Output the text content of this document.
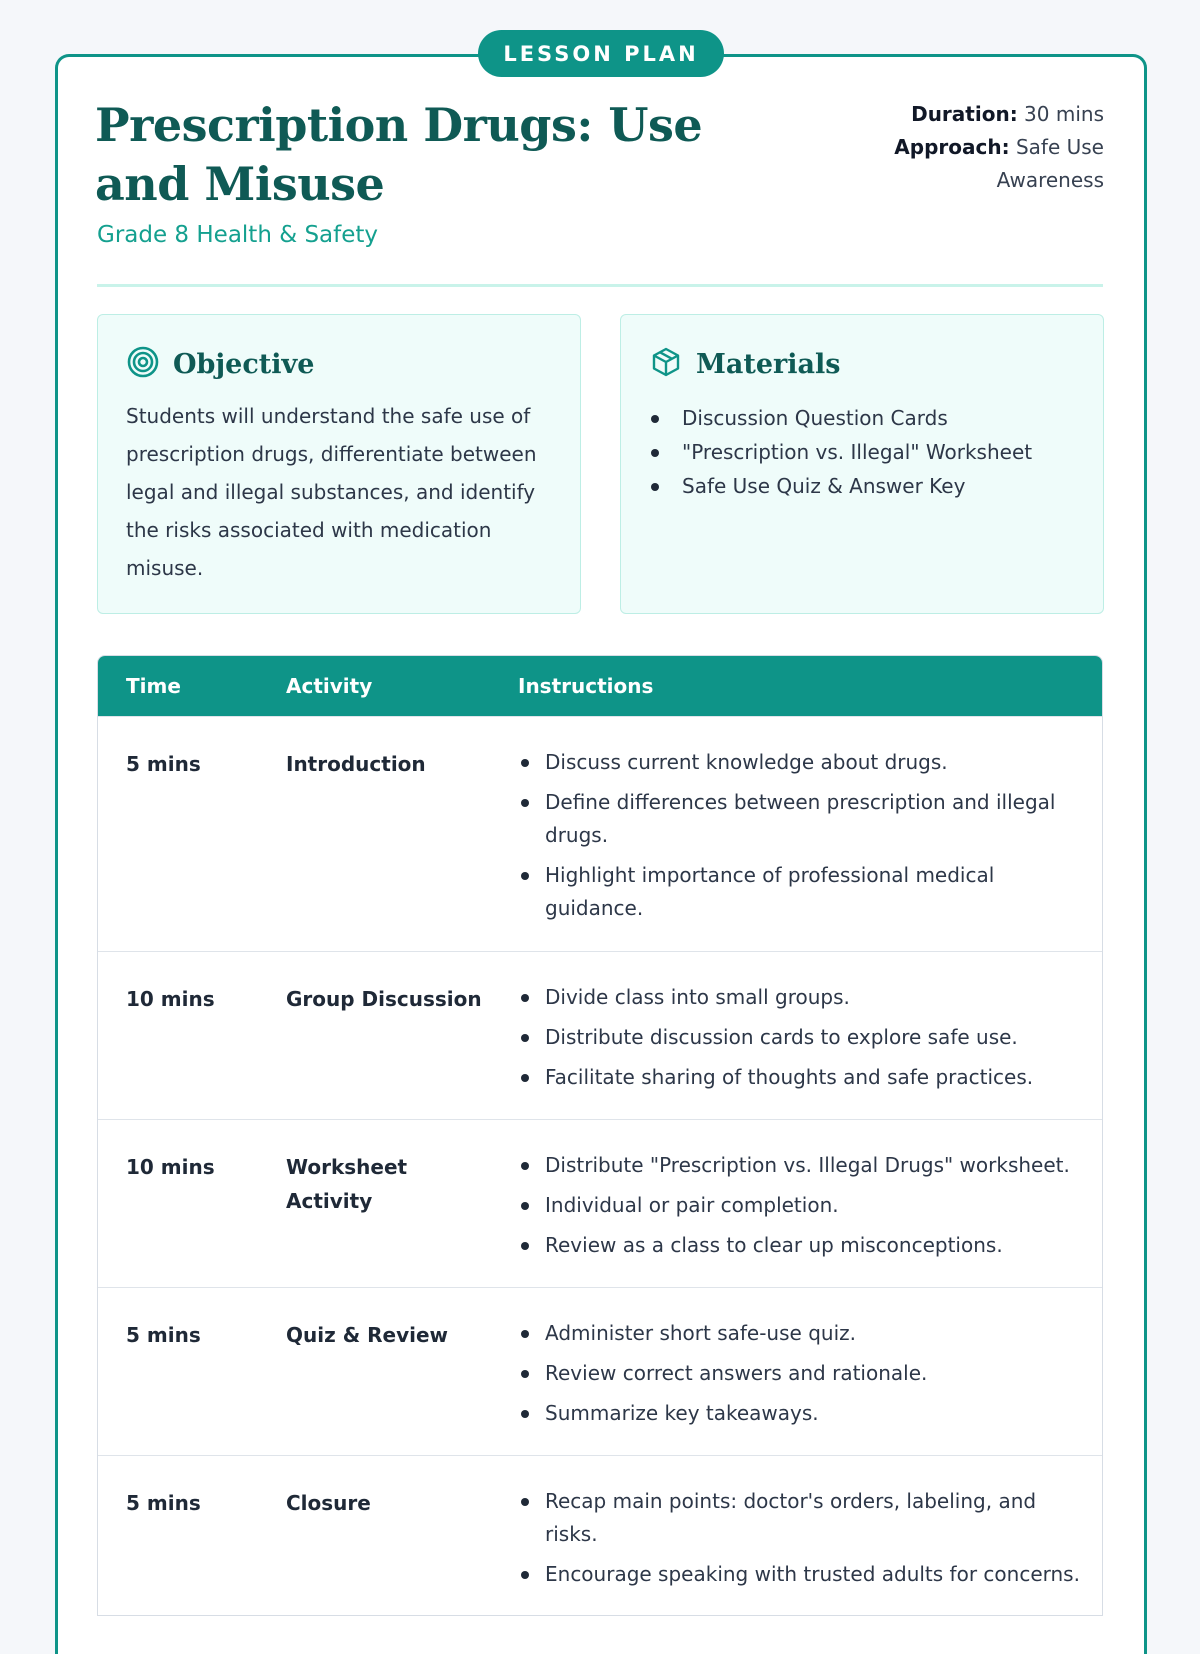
LESSON PLAN
Prescription Drugs: Use and Misuse
Grade 8 Health & Safety
Duration: 30 mins
Approach: Safe Use Awareness
Objective

Students will understand the safe use of prescription drugs, differentiate between legal and illegal substances, and identify the risks associated with medication misuse.

Materials
Discussion Question Cards
"Prescription vs. Illegal" Worksheet
Safe Use Quiz & Answer Key
Time	Activity	Instructions
5 mins	Introduction	Discuss current knowledge about drugs.
Define differences between prescription and illegal drugs.
Highlight importance of professional medical guidance.
10 mins	Group Discussion	Divide class into small groups.
Distribute discussion cards to explore safe use.
Facilitate sharing of thoughts and safe practices.
10 mins	Worksheet Activity
Distribute "Prescription vs. Illegal Drugs" worksheet.
Individual or pair completion.
Review as a class to clear up misconceptions.
5 mins	Quiz & Review	Administer short safe-use quiz.
Review correct answers and rationale.
Summarize key takeaways.
5 mins	Closure	Recap main points: doctor's orders, labeling, and risks.
Encourage speaking with trusted adults for concerns.
